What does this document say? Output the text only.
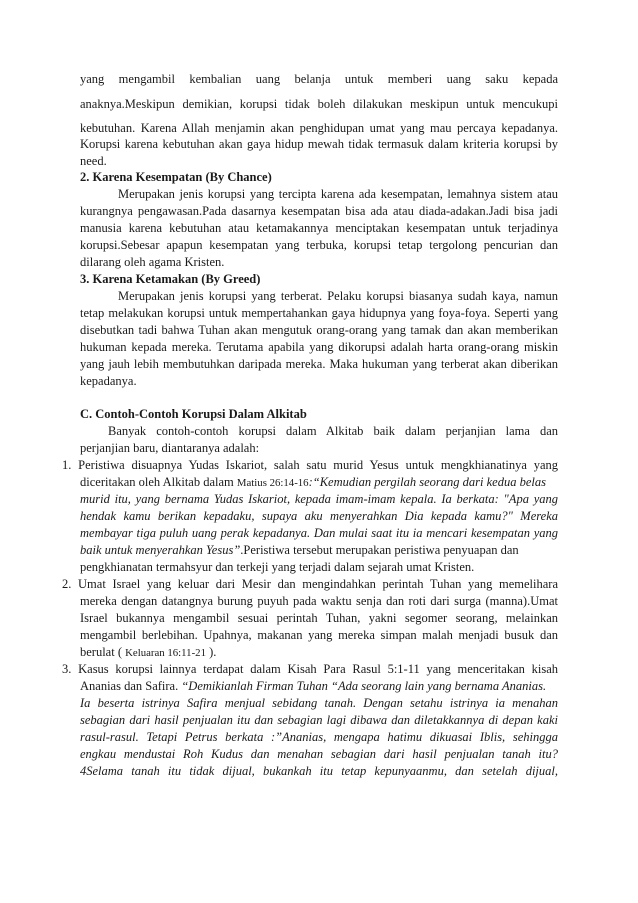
yang mengambil kembalian uang belanja untuk memberi uang saku kepada
anaknya.Meskipun demikian, korupsi tidak boleh dilakukan meskipun untuk mencukupi
kebutuhan. Karena Allah menjamin akan penghidupan umat yang mau percaya kepadanya.
Korupsi karena kebutuhan akan gaya hidup mewah tidak termasuk dalam kriteria korupsi by
need.
2. Karena Kesempatan (By Chance)
Merupakan jenis korupsi yang tercipta karena ada kesempatan, lemahnya sistem atau
kurangnya pengawasan.Pada dasarnya kesempatan bisa ada atau diada-adakan.Jadi bisa jadi
manusia karena kebutuhan atau ketamakannya menciptakan kesempatan untuk terjadinya
korupsi.Sebesar apapun kesempatan yang terbuka, korupsi tetap tergolong pencurian dan
dilarang oleh agama Kristen.
3. Karena Ketamakan (By Greed)
Merupakan jenis korupsi yang terberat. Pelaku korupsi biasanya sudah kaya, namun
tetap melakukan korupsi untuk mempertahankan gaya hidupnya yang foya-foya. Seperti yang
disebutkan tadi bahwa Tuhan akan mengutuk orang-orang yang tamak dan akan memberikan
hukuman kepada mereka. Terutama apabila yang dikorupsi adalah harta orang-orang miskin
yang jauh lebih membutuhkan daripada mereka. Maka hukuman yang terberat akan diberikan
kepadanya.
C. Contoh-Contoh Korupsi Dalam Alkitab
Banyak contoh-contoh korupsi dalam Alkitab baik dalam perjanjian lama dan
perjanjian baru, diantaranya adalah:
1. Peristiwa disuapnya Yudas Iskariot, salah satu murid Yesus untuk mengkhianatinya yang
diceritakan oleh Alkitab dalam Matius 26:14-16:“Kemudian pergilah seorang dari kedua belas
murid itu, yang bernama Yudas Iskariot, kepada imam-imam kepala. Ia berkata: "Apa yang
hendak kamu berikan kepadaku, supaya aku menyerahkan Dia kepada kamu?" Mereka
membayar tiga puluh uang perak kepadanya. Dan mulai saat itu ia mencari kesempatan yang
baik untuk menyerahkan Yesus”.Peristiwa tersebut merupakan peristiwa penyuapan dan
pengkhianatan termahsyur dan terkeji yang terjadi dalam sejarah umat Kristen.
2. Umat Israel yang keluar dari Mesir dan mengindahkan perintah Tuhan yang memelihara
mereka dengan datangnya burung puyuh pada waktu senja dan roti dari surga (manna).Umat
Israel bukannya mengambil sesuai perintah Tuhan, yakni segomer seorang, melainkan
mengambil berlebihan. Upahnya, makanan yang mereka simpan malah menjadi busuk dan
berulat ( Keluaran 16:11-21 ).
3. Kasus korupsi lainnya terdapat dalam Kisah Para Rasul 5:1-11 yang menceritakan kisah
Ananias dan Safira. “Demikianlah Firman Tuhan “Ada seorang lain yang bernama Ananias.
Ia beserta istrinya Safira menjual sebidang tanah. Dengan setahu istrinya ia menahan
sebagian dari hasil penjualan itu dan sebagian lagi dibawa dan diletakkannya di depan kaki
rasul-rasul. Tetapi Petrus berkata :”Ananias, mengapa hatimu dikuasai Iblis, sehingga
engkau mendustai Roh Kudus dan menahan sebagian dari hasil penjualan tanah itu?
4Selama tanah itu tidak dijual, bukankah itu tetap kepunyaanmu, dan setelah dijual,
